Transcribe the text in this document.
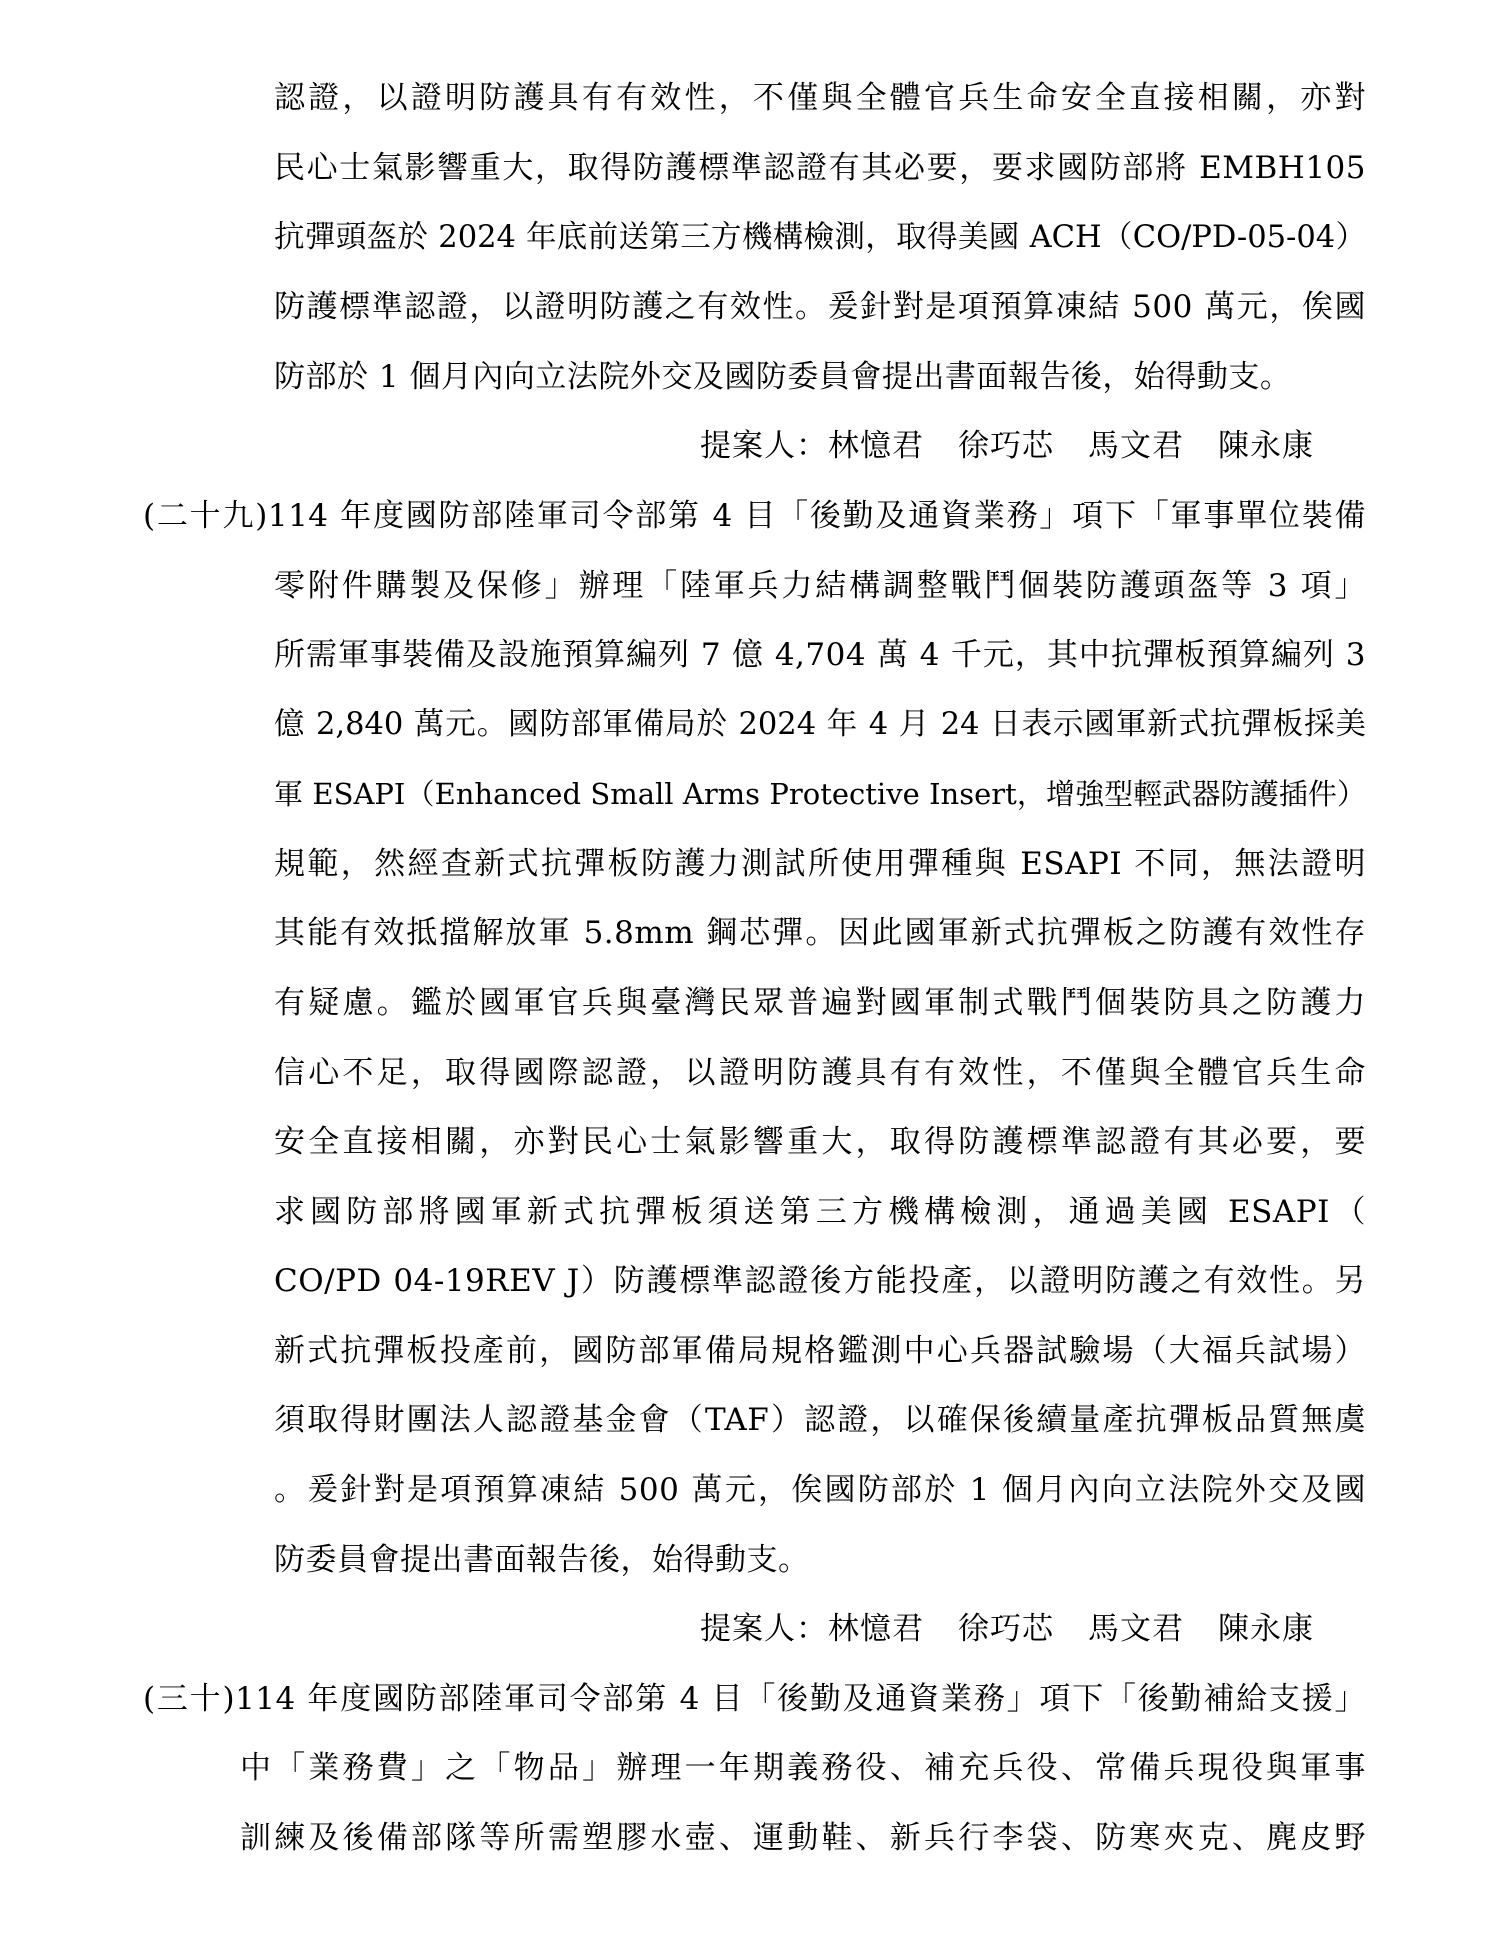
認證，以證明防護具有有效性，不僅與全體官兵生命安全直接相關，亦對
民心士氣影響重大，取得防護標準認證有其必要，要求國防部將 EMBH105
抗彈頭盔於 2024 年底前送第三方機構檢測，取得美國 ACH（CO/PD-05-04）
防護標準認證，以證明防護之有效性。爰針對是項預算凍結 500 萬元，俟國
防部於 1 個月內向立法院外交及國防委員會提出書面報告後，始得動支。
提案人：林憶君 徐巧芯 馬文君 陳永康
(二十九)114 年度國防部陸軍司令部第 4 目「後勤及通資業務」項下「軍事單位裝備
零附件購製及保修」辦理「陸軍兵力結構調整戰鬥個裝防護頭盔等 3 項」
所需軍事裝備及設施預算編列 7 億 4,704 萬 4 千元，其中抗彈板預算編列 3
億 2,840 萬元。國防部軍備局於 2024 年 4 月 24 日表示國軍新式抗彈板採美
軍 ESAPI（Enhanced Small Arms Protective Insert，增強型輕武器防護插件）
規範，然經查新式抗彈板防護力測試所使用彈種與 ESAPI 不同，無法證明
其能有效抵擋解放軍 5.8mm 鋼芯彈。因此國軍新式抗彈板之防護有效性存
有疑慮。鑑於國軍官兵與臺灣民眾普遍對國軍制式戰鬥個裝防具之防護力
信心不足，取得國際認證，以證明防護具有有效性，不僅與全體官兵生命
安全直接相關，亦對民心士氣影響重大，取得防護標準認證有其必要，要
求國防部將國軍新式抗彈板須送第三方機構檢測，通過美國 ESAPI（
CO/PD 04-19REV J）防護標準認證後方能投產，以證明防護之有效性。另
新式抗彈板投產前，國防部軍備局規格鑑測中心兵器試驗場（大福兵試場）
須取得財團法人認證基金會（TAF）認證，以確保後續量產抗彈板品質無虞
。爰針對是項預算凍結 500 萬元，俟國防部於 1 個月內向立法院外交及國
防委員會提出書面報告後，始得動支。
提案人：林憶君 徐巧芯 馬文君 陳永康
(三十)114 年度國防部陸軍司令部第 4 目「後勤及通資業務」項下「後勤補給支援」
中「業務費」之「物品」辦理一年期義務役、補充兵役、常備兵現役與軍事
訓練及後備部隊等所需塑膠水壺、運動鞋、新兵行李袋、防寒夾克、麂皮野
